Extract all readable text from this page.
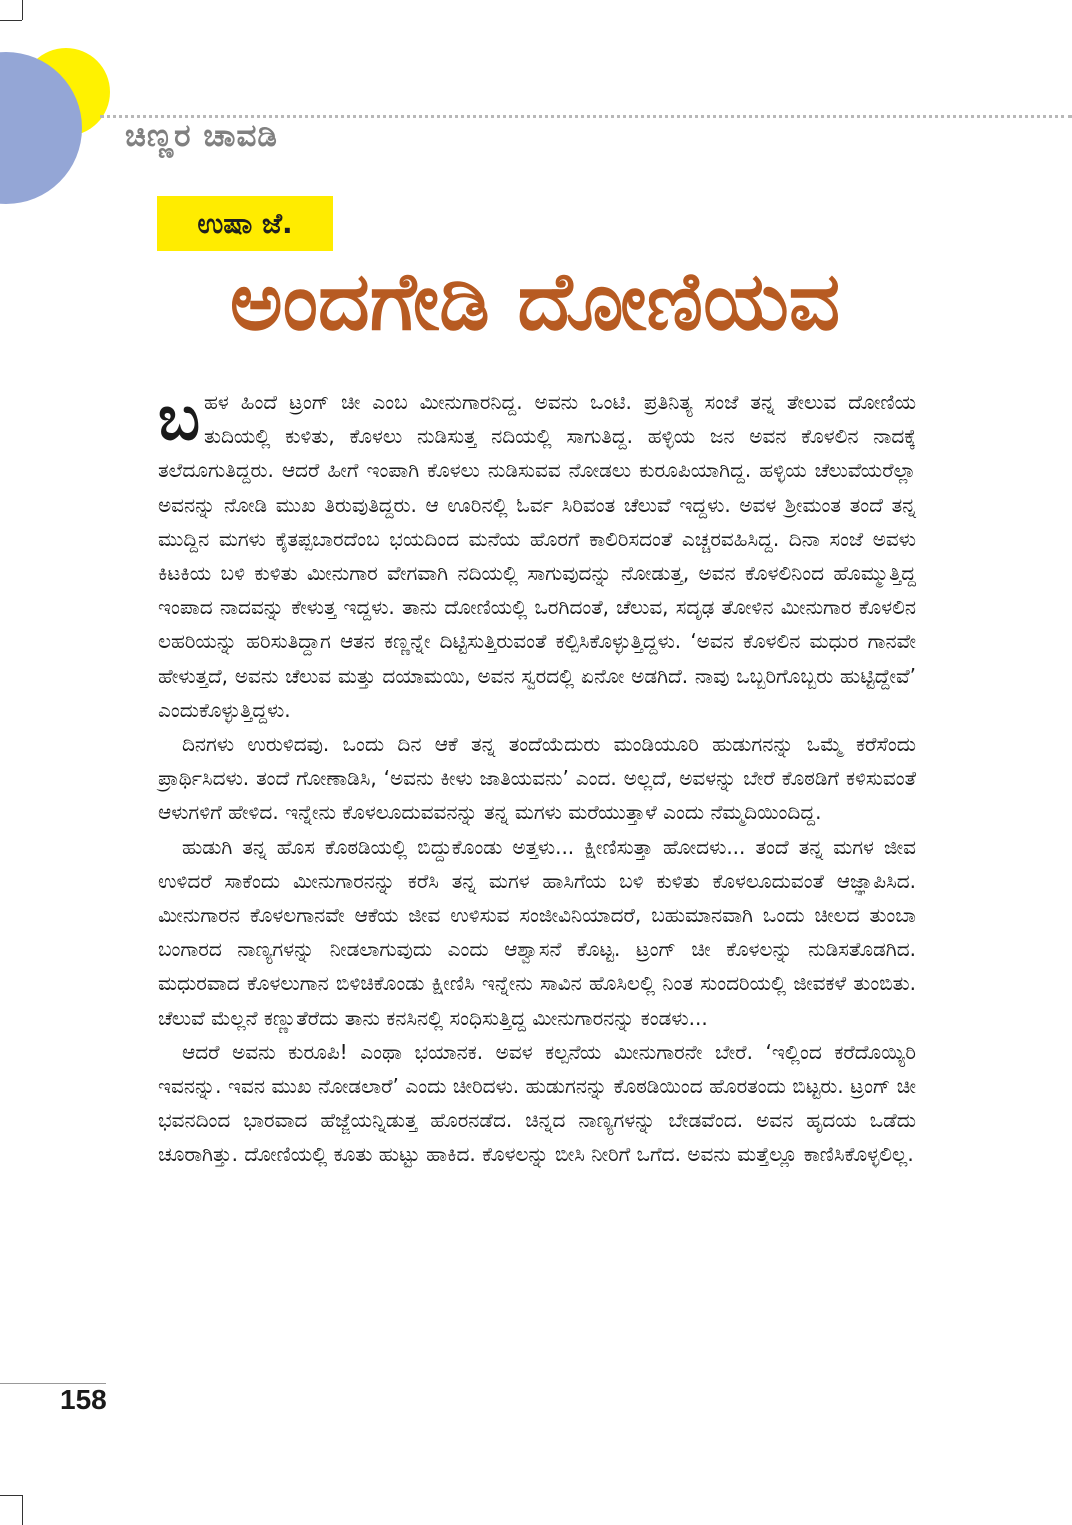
ಚಿಣ್ಣರ ಚಾವಡಿ
ಉಷಾ ಜೆ.
ಅಂದಗೇಡಿ ದೋಣಿಯವ

ಬಹಳ ಹಿಂದೆ ಟ್ರಂಗ್ ಚೀ ಎಂಬ ಮೀನುಗಾರನಿದ್ದ. ಅವನು ಒಂಟಿ. ಪ್ರತಿನಿತ್ಯ ಸಂಜೆ ತನ್ನ ತೇಲುವ ದೋಣಿಯ ತುದಿಯಲ್ಲಿ ಕುಳಿತು, ಕೊಳಲು ನುಡಿಸುತ್ತ ನದಿಯಲ್ಲಿ ಸಾಗುತಿದ್ದ. ಹಳ್ಳಿಯ ಜನ ಅವನ ಕೊಳಲಿನ ನಾದಕ್ಕೆ ತಲೆದೂಗುತಿದ್ದರು. ಆದರೆ ಹೀಗೆ ಇಂಪಾಗಿ ಕೊಳಲು ನುಡಿಸುವವ ನೋಡಲು ಕುರೂಪಿಯಾಗಿದ್ದ. ಹಳ್ಳಿಯ ಚೆಲುವೆಯರೆಲ್ಲಾ ಅವನನ್ನು ನೋಡಿ ಮುಖ ತಿರುವುತಿದ್ದರು. ಆ ಊರಿನಲ್ಲಿ ಓರ್ವ ಸಿರಿವಂತ ಚೆಲುವೆ ಇದ್ದಳು. ಅವಳ ಶ್ರೀಮಂತ ತಂದೆ ತನ್ನ ಮುದ್ದಿನ ಮಗಳು ಕೈತಪ್ಪಬಾರದೆಂಬ ಭಯದಿಂದ ಮನೆಯ ಹೊರಗೆ ಕಾಲಿರಿಸದಂತೆ ಎಚ್ಚರವಹಿಸಿದ್ದ. ದಿನಾ ಸಂಜೆ ಅವಳು ಕಿಟಕಿಯ ಬಳಿ ಕುಳಿತು ಮೀನುಗಾರ ವೇಗವಾಗಿ ನದಿಯಲ್ಲಿ ಸಾಗುವುದನ್ನು ನೋಡುತ್ತ, ಅವನ ಕೊಳಲಿನಿಂದ ಹೊಮ್ಮುತ್ತಿದ್ದ ಇಂಪಾದ ನಾದವನ್ನು ಕೇಳುತ್ತ ಇದ್ದಳು. ತಾನು ದೋಣಿಯಲ್ಲಿ ಒರಗಿದಂತೆ, ಚೆಲುವ, ಸದೃಢ ತೋಳಿನ ಮೀನುಗಾರ ಕೊಳಲಿನ ಲಹರಿಯನ್ನು ಹರಿಸುತಿದ್ದಾಗ ಆತನ ಕಣ್ಣನ್ನೇ ದಿಟ್ಟಿಸುತ್ತಿರುವಂತೆ ಕಲ್ಪಿಸಿಕೊಳ್ಳುತ್ತಿದ್ದಳು. ‘ಅವನ ಕೊಳಲಿನ ಮಧುರ ಗಾನವೇ ಹೇಳುತ್ತದೆ, ಅವನು ಚೆಲುವ ಮತ್ತು ದಯಾಮಯಿ, ಅವನ ಸ್ವರದಲ್ಲಿ ಏನೋ ಅಡಗಿದೆ. ನಾವು ಒಬ್ಬರಿಗೊಬ್ಬರು ಹುಟ್ಟಿದ್ದೇವೆ’ ಎಂದುಕೊಳ್ಳುತ್ತಿದ್ದಳು.

ದಿನಗಳು ಉರುಳಿದವು. ಒಂದು ದಿನ ಆಕೆ ತನ್ನ ತಂದೆಯೆದುರು ಮಂಡಿಯೂರಿ ಹುಡುಗನನ್ನು ಒಮ್ಮೆ ಕರೆಸೆಂದು ಪ್ರಾರ್ಥಿಸಿದಳು. ತಂದೆ ಗೋಣಾಡಿಸಿ, ‘ಅವನು ಕೀಳು ಜಾತಿಯವನು’ ಎಂದ. ಅಲ್ಲದೆ, ಅವಳನ್ನು ಬೇರೆ ಕೊಠಡಿಗೆ ಕಳಿಸುವಂತೆ ಆಳುಗಳಿಗೆ ಹೇಳಿದ. ಇನ್ನೇನು ಕೊಳಲೂದುವವನನ್ನು ತನ್ನ ಮಗಳು ಮರೆಯುತ್ತಾಳೆ ಎಂದು ನೆಮ್ಮದಿಯಿಂದಿದ್ದ.

ಹುಡುಗಿ ತನ್ನ ಹೊಸ ಕೊಠಡಿಯಲ್ಲಿ ಬಿದ್ದುಕೊಂಡು ಅತ್ತಳು... ಕ್ಷೀಣಿಸುತ್ತಾ ಹೋದಳು... ತಂದೆ ತನ್ನ ಮಗಳ ಜೀವ ಉಳಿದರೆ ಸಾಕೆಂದು ಮೀನುಗಾರನನ್ನು ಕರೆಸಿ ತನ್ನ ಮಗಳ ಹಾಸಿಗೆಯ ಬಳಿ ಕುಳಿತು ಕೊಳಲೂದುವಂತೆ ಆಜ್ಞಾಪಿಸಿದ. ಮೀನುಗಾರನ ಕೊಳಲಗಾನವೇ ಆಕೆಯ ಜೀವ ಉಳಿಸುವ ಸಂಜೀವಿನಿಯಾದರೆ, ಬಹುಮಾನವಾಗಿ ಒಂದು ಚೀಲದ ತುಂಬಾ ಬಂಗಾರದ ನಾಣ್ಯಗಳನ್ನು ನೀಡಲಾಗುವುದು ಎಂದು ಆಶ್ವಾಸನೆ ಕೊಟ್ಟ. ಟ್ರಂಗ್ ಚೀ ಕೊಳಲನ್ನು ನುಡಿಸತೊಡಗಿದ. ಮಧುರವಾದ ಕೊಳಲುಗಾನ ಬಿಳಿಚಿಕೊಂಡು ಕ್ಷೀಣಿಸಿ ಇನ್ನೇನು ಸಾವಿನ ಹೊಸಿಲಲ್ಲಿ ನಿಂತ ಸುಂದರಿಯಲ್ಲಿ ಜೀವಕಳೆ ತುಂಬಿತು. ಚೆಲುವೆ ಮೆಲ್ಲನೆ ಕಣ್ಣುತೆರೆದು ತಾನು ಕನಸಿನಲ್ಲಿ ಸಂಧಿಸುತ್ತಿದ್ದ ಮೀನುಗಾರನನ್ನು ಕಂಡಳು...

ಆದರೆ ಅವನು ಕುರೂಪಿ! ಎಂಥಾ ಭಯಾನಕ. ಅವಳ ಕಲ್ಪನೆಯ ಮೀನುಗಾರನೇ ಬೇರೆ. ‘ಇಲ್ಲಿಂದ ಕರೆದೊಯ್ಯಿರಿ ಇವನನ್ನು. ಇವನ ಮುಖ ನೋಡಲಾರೆ’ ಎಂದು ಚೀರಿದಳು. ಹುಡುಗನನ್ನು ಕೊಠಡಿಯಿಂದ ಹೊರತಂದು ಬಿಟ್ಟರು. ಟ್ರಂಗ್ ಚೀ ಭವನದಿಂದ ಭಾರವಾದ ಹೆಜ್ಜೆಯನ್ನಿಡುತ್ತ ಹೊರನಡೆದ. ಚಿನ್ನದ ನಾಣ್ಯಗಳನ್ನು ಬೇಡವೆಂದ. ಅವನ ಹೃದಯ ಒಡೆದು ಚೂರಾಗಿತ್ತು. ದೋಣಿಯಲ್ಲಿ ಕೂತು ಹುಟ್ಟು ಹಾಕಿದ. ಕೊಳಲನ್ನು ಬೀಸಿ ನೀರಿಗೆ ಒಗೆದ. ಅವನು ಮತ್ತೆಲ್ಲೂ ಕಾಣಿಸಿಕೊಳ್ಳಲಿಲ್ಲ.

158
